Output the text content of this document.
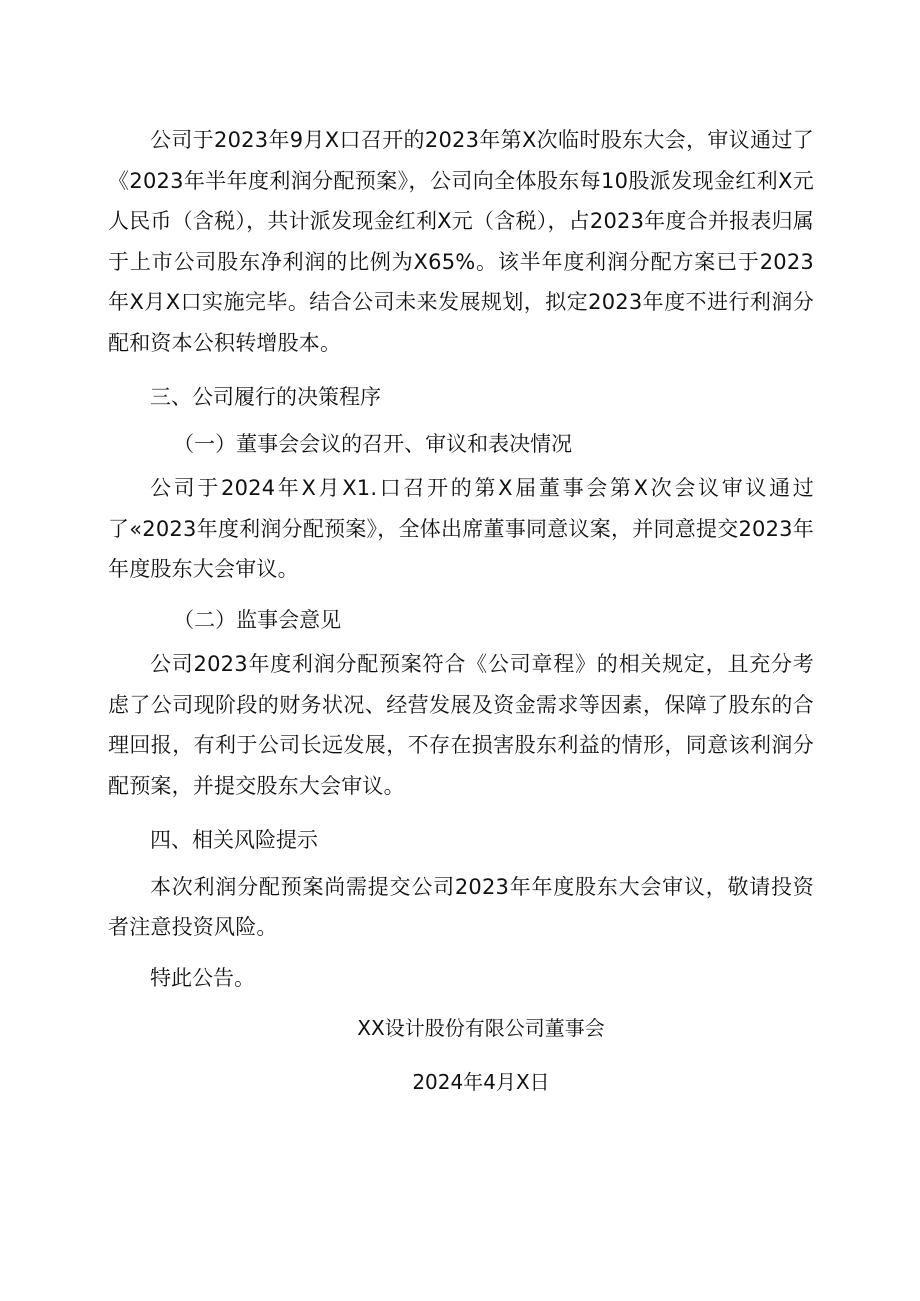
公司于2023年9月X口召开的2023年第X次临时股东大会，审议通过了《2023年半年度利润分配预案》，公司向全体股东每10股派发现金红利X元人民币（含税），共计派发现金红利X元（含税），占2023年度合并报表归属于上市公司股东净利润的比例为X65%。该半年度利润分配方案已于2023年X月X口实施完毕。结合公司未来发展规划，拟定2023年度不进行利润分配和资本公积转增股本。

三、公司履行的决策程序
（一）董事会会议的召开、审议和表决情况

公司于2024年X月X1.口召开的第X届董事会第X次会议审议通过了«2023年度利润分配预案》，全体出席董事同意议案，并同意提交2023年年度股东大会审议。

（二）监事会意见

公司2023年度利润分配预案符合《公司章程》的相关规定，且充分考虑了公司现阶段的财务状况、经营发展及资金需求等因素，保障了股东的合理回报，有利于公司长远发展，不存在损害股东利益的情形，同意该利润分配预案，并提交股东大会审议。

四、相关风险提示

本次利润分配预案尚需提交公司2023年年度股东大会审议，敬请投资者注意投资风险。

特此公告。

XX设计股份有限公司董事会

2024年4月X日
